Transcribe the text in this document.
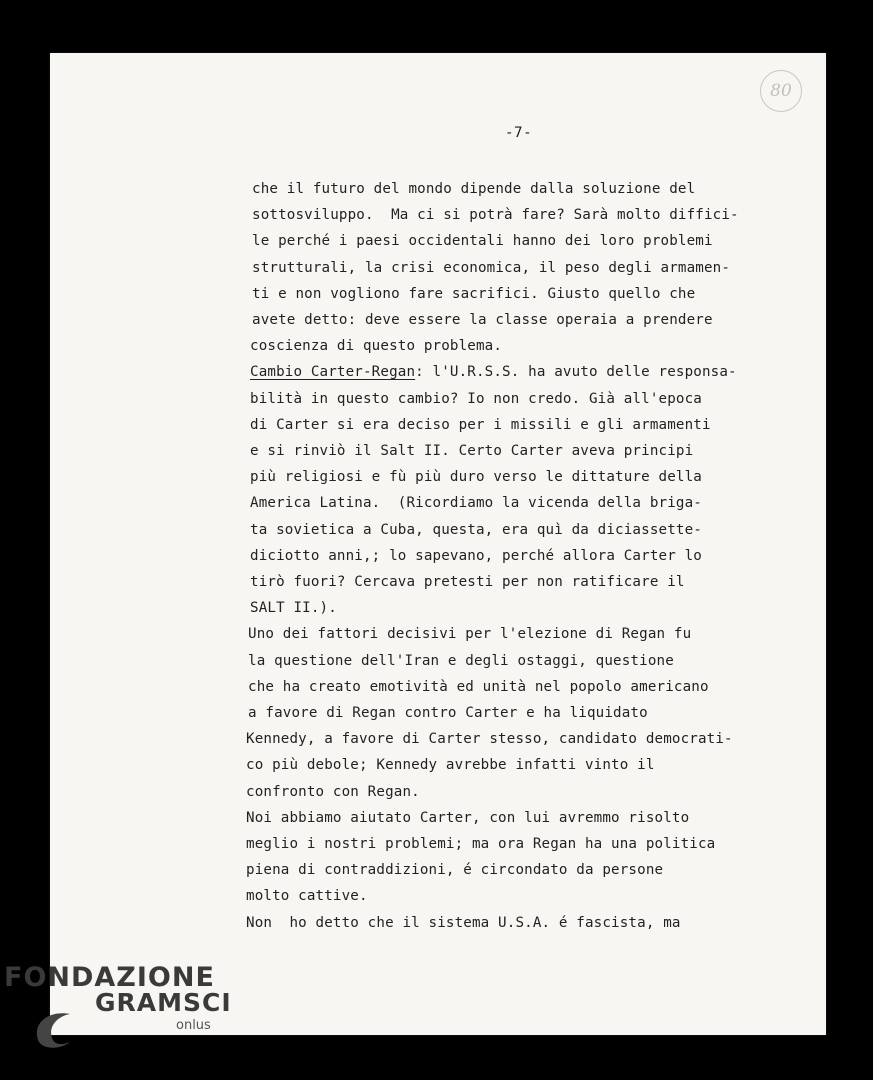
80
-7-
che il futuro del mondo dipende dalla soluzione del
sottosviluppo.  Ma ci si potrà fare? Sarà molto diffici-
le perché i paesi occidentali hanno dei loro problemi
strutturali, la crisi economica, il peso degli armamen-
ti e non vogliono fare sacrifici. Giusto quello che
avete detto: deve essere la classe operaia a prendere
coscienza di questo problema.
Cambio Carter-Regan: l'U.R.S.S. ha avuto delle responsa-
bilità in questo cambio? Io non credo. Già all'epoca
di Carter si era deciso per i missili e gli armamenti
e si rinviò il Salt II. Certo Carter aveva principi
più religiosi e fù più duro verso le dittature della
America Latina.  (Ricordiamo la vicenda della briga-
ta sovietica a Cuba, questa, era quì da diciassette-
diciotto anni,; lo sapevano, perché allora Carter lo
tirò fuori? Cercava pretesti per non ratificare il
SALT II.).
Uno dei fattori decisivi per l'elezione di Regan fu
la questione dell'Iran e degli ostaggi, questione
che ha creato emotività ed unità nel popolo americano
a favore di Regan contro Carter e ha liquidato
Kennedy, a favore di Carter stesso, candidato democrati-
co più debole; Kennedy avrebbe infatti vinto il
confronto con Regan.
Noi abbiamo aiutato Carter, con lui avremmo risolto
meglio i nostri problemi; ma ora Regan ha una politica
piena di contraddizioni, é circondato da persone
molto cattive.
Non  ho detto che il sistema U.S.A. é fascista, ma
FONDAZIONE
GRAMSCI
onlus
